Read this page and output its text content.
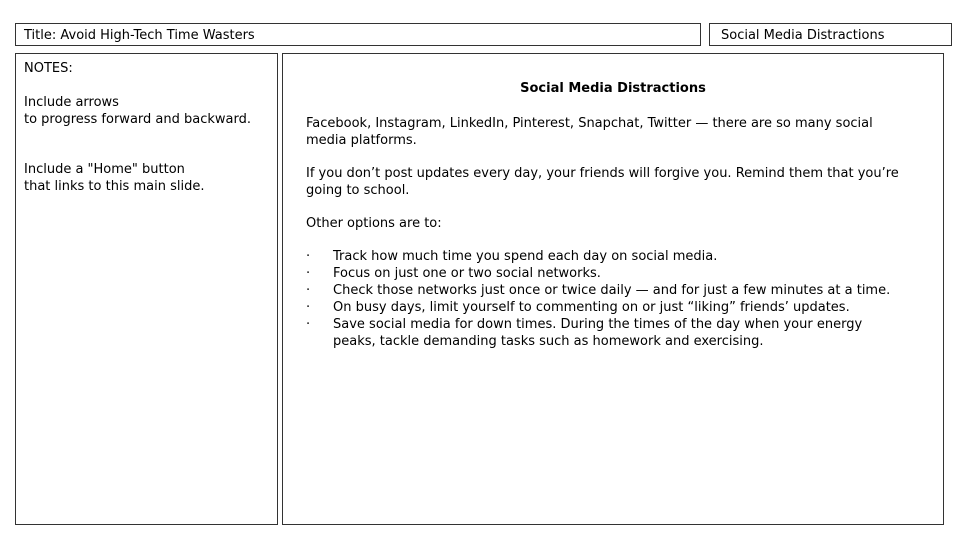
Title: Avoid High-Tech Time Wasters	Social Media Distractions

NOTES:

Include arrows
to progress forward and backward.

Include a "Home" button
that links to this main slide.

Social Media Distractions

Facebook, Instagram, LinkedIn, Pinterest, Snapchat, Twitter — there are so many social media platforms.

If you don’t post updates every day, your friends will forgive you. Remind them that you’re going to school.

Other options are to:

· Track how much time you spend each day on social media.
· Focus on just one or two social networks.
· Check those networks just once or twice daily — and for just a few minutes at a time.
· On busy days, limit yourself to commenting on or just “liking” friends’ updates.
· Save social media for down times. During the times of the day when your energy peaks, tackle demanding tasks such as homework and exercising.
